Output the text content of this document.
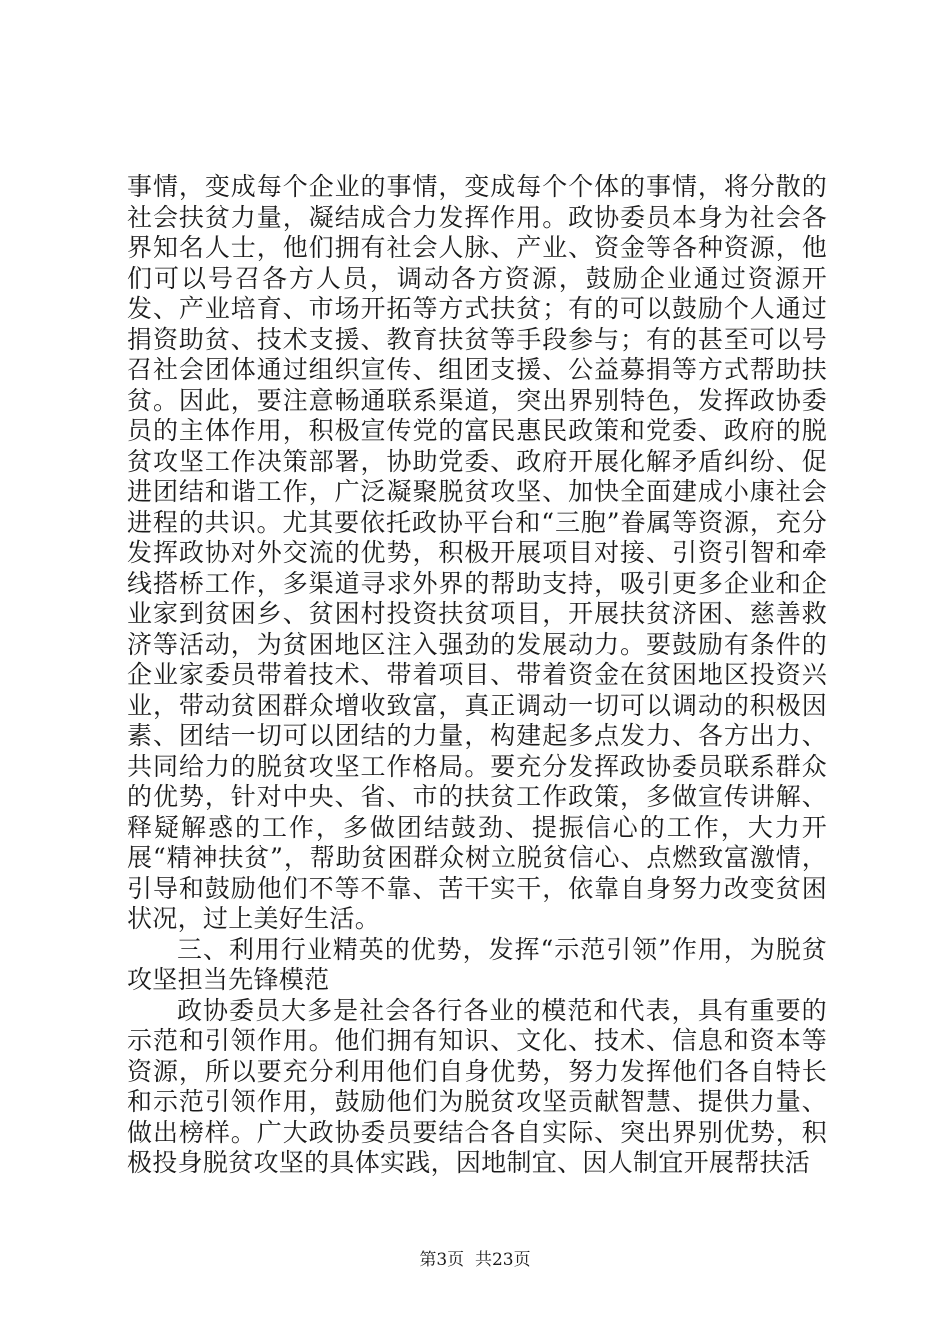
事情，变成每个企业的事情，变成每个个体的事情，将分散的社会扶贫力量，凝结成合力发挥作用。政协委员本身为社会各界知名人士，他们拥有社会人脉、产业、资金等各种资源，他们可以号召各方人员，调动各方资源，鼓励企业通过资源开发、产业培育、市场开拓等方式扶贫；有的可以鼓励个人通过捐资助贫、技术支援、教育扶贫等手段参与；有的甚至可以号召社会团体通过组织宣传、组团支援、公益募捐等方式帮助扶贫。因此，要注意畅通联系渠道，突出界别特色，发挥政协委员的主体作用，积极宣传党的富民惠民政策和党委、政府的脱贫攻坚工作决策部署，协助党委、政府开展化解矛盾纠纷、促进团结和谐工作，广泛凝聚脱贫攻坚、加快全面建成小康社会进程的共识。尤其要依托政协平台和“三胞”眷属等资源，充分发挥政协对外交流的优势，积极开展项目对接、引资引智和牵线搭桥工作，多渠道寻求外界的帮助支持，吸引更多企业和企业家到贫困乡、贫困村投资扶贫项目，开展扶贫济困、慈善救济等活动，为贫困地区注入强劲的发展动力。要鼓励有条件的企业家委员带着技术、带着项目、带着资金在贫困地区投资兴业，带动贫困群众增收致富，真正调动一切可以调动的积极因素、团结一切可以团结的力量，构建起多点发力、各方出力、共同给力的脱贫攻坚工作格局。要充分发挥政协委员联系群众的优势，针对中央、省、市的扶贫工作政策，多做宣传讲解、释疑解惑的工作，多做团结鼓劲、提振信心的工作，大力开展“精神扶贫”，帮助贫困群众树立脱贫信心、点燃致富激情，引导和鼓励他们不等不靠、苦干实干，依靠自身努力改变贫困状况，过上美好生活。

三、利用行业精英的优势，发挥“示范引领”作用，为脱贫攻坚担当先锋模范

政协委员大多是社会各行各业的模范和代表，具有重要的示范和引领作用。他们拥有知识、文化、技术、信息和资本等资源，所以要充分利用他们自身优势，努力发挥他们各自特长和示范引领作用，鼓励他们为脱贫攻坚贡献智慧、提供力量、做出榜样。广大政协委员要结合各自实际、突出界别优势，积极投身脱贫攻坚的具体实践，因地制宜、因人制宜开展帮扶活

第3页  共23页
